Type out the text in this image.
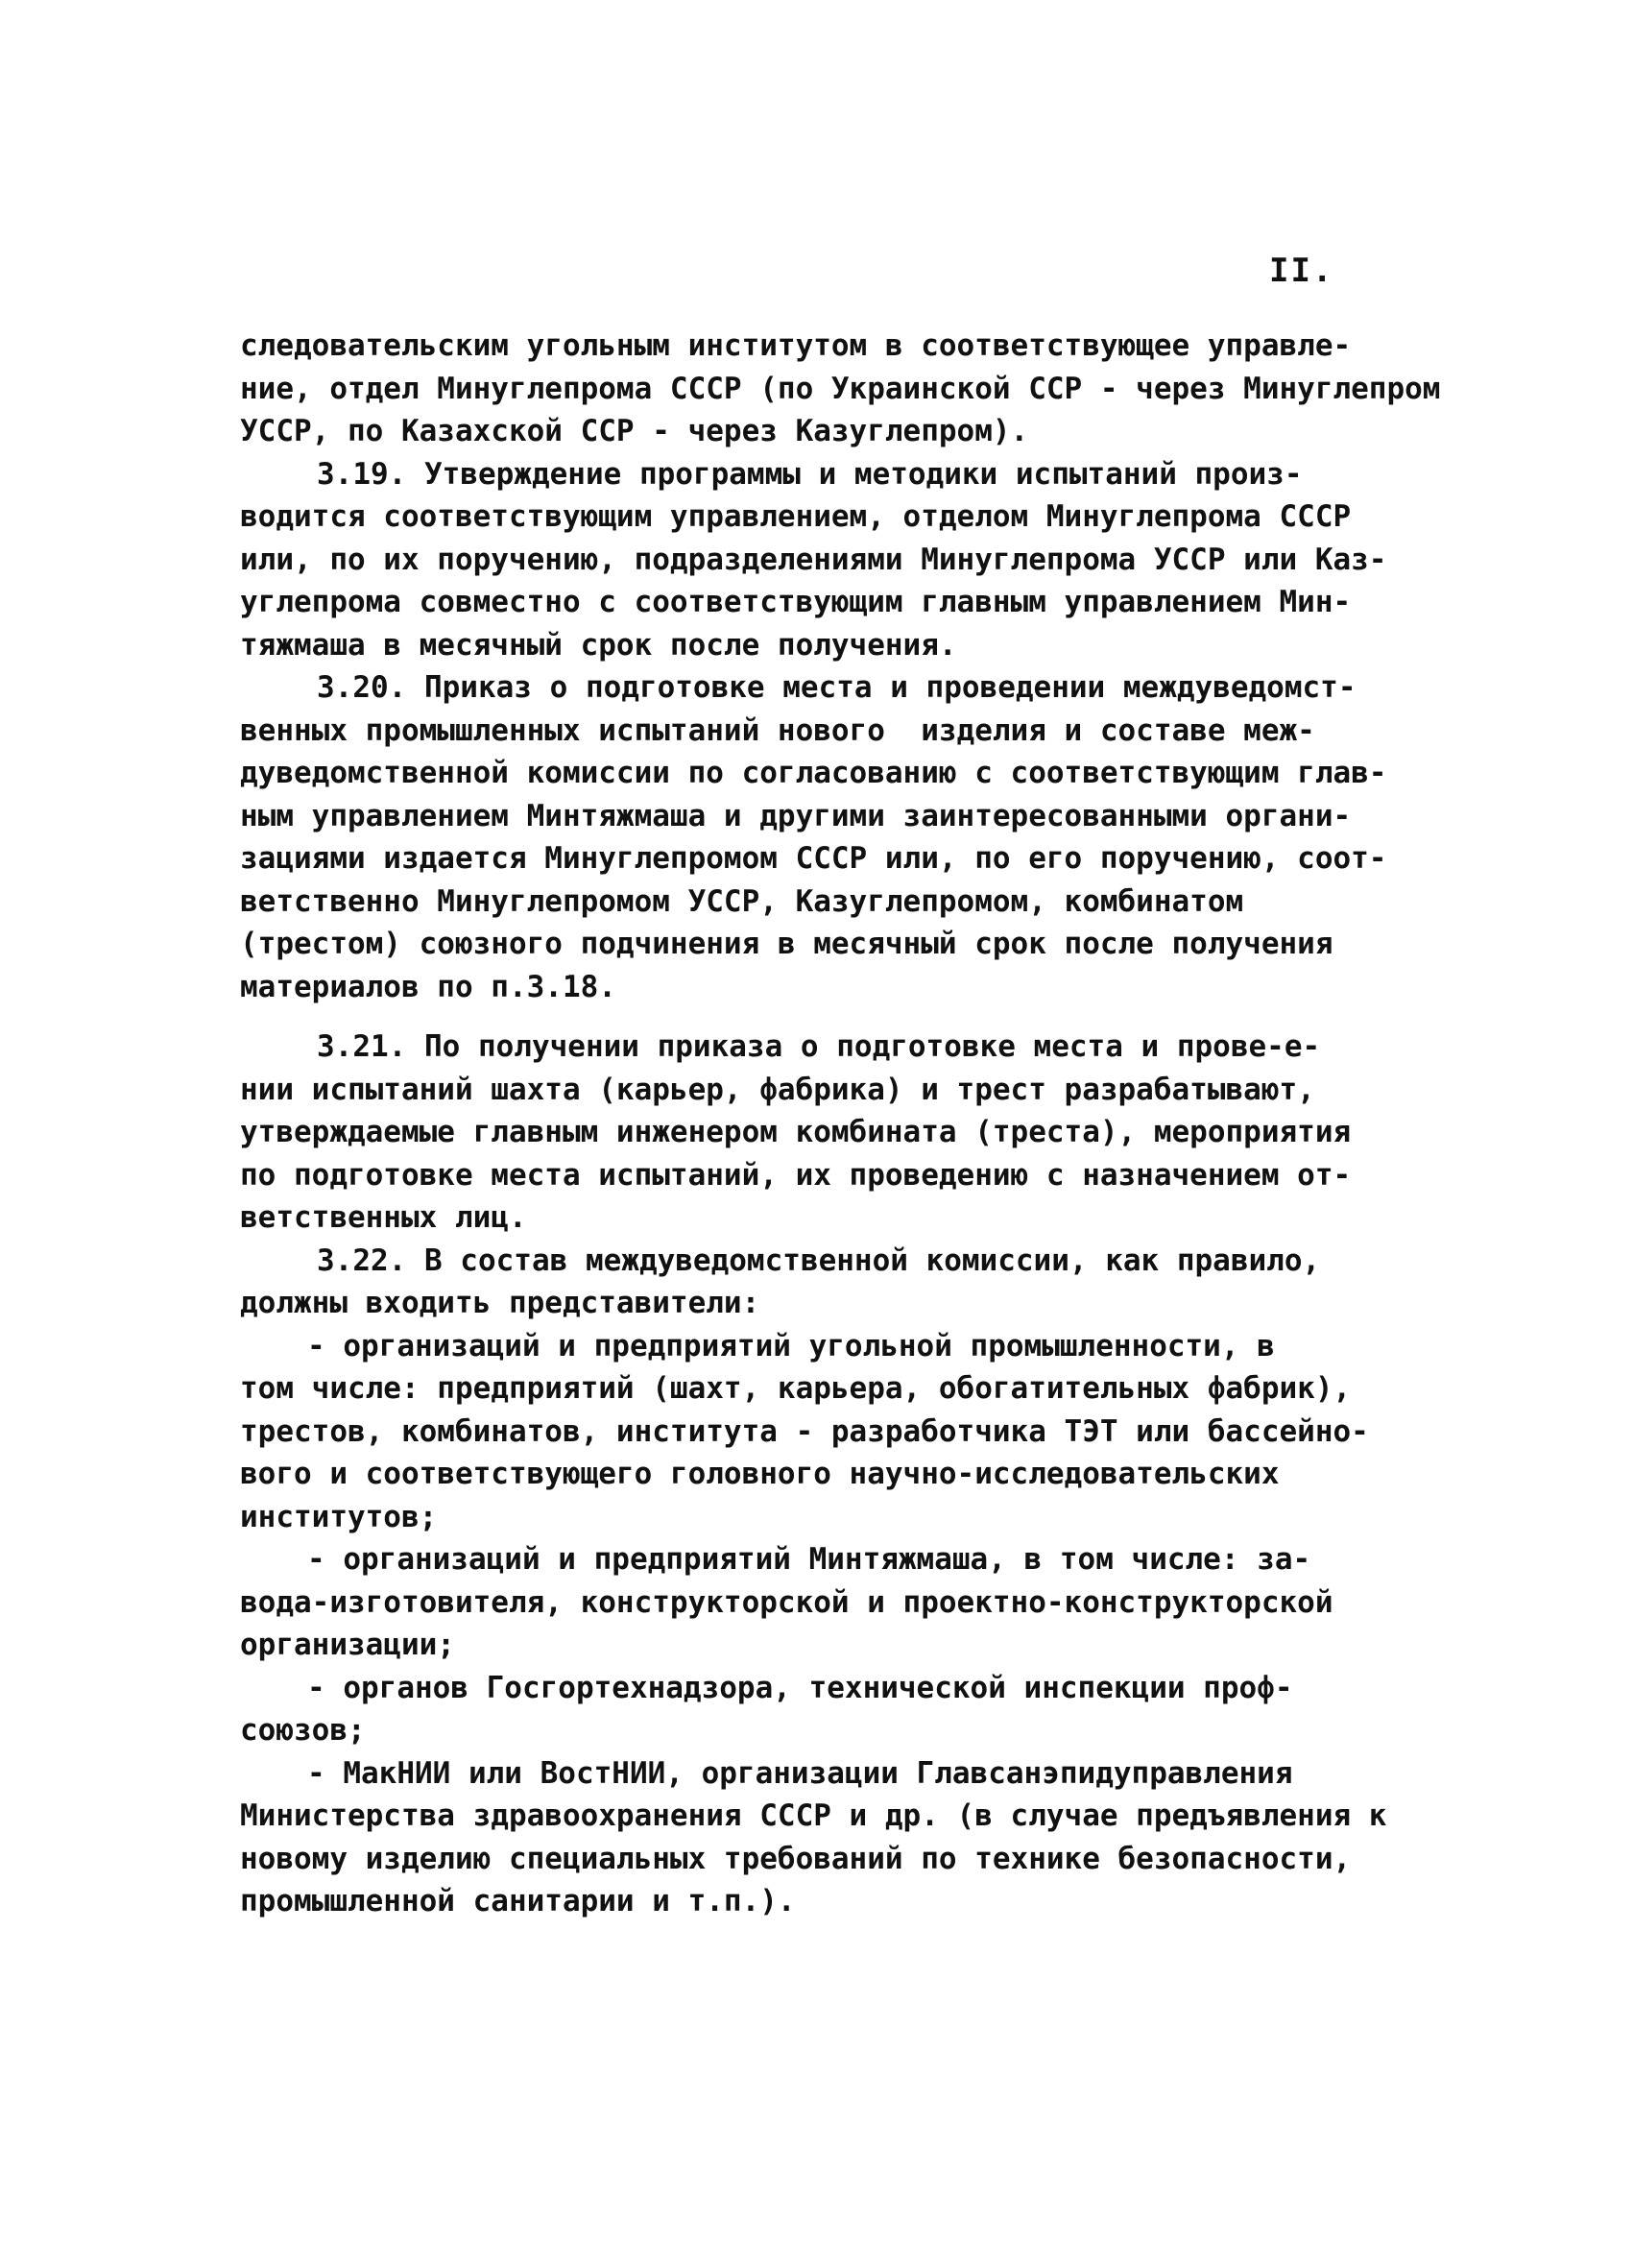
II.
следовательским угольным институтом в соответствующее управле-
ние, отдел Минуглепрома СССР (по Украинской ССР - через Минуглепром
УССР, по Казахской ССР - через Казуглепром).
3.19. Утверждение программы и методики испытаний произ-
водится соответствующим управлением, отделом Минуглепрома СССР
или, по их поручению, подразделениями Минуглепрома УССР или Каз-
углепрома совместно с соответствующим главным управлением Мин-
тяжмаша в месячный срок после получения.
3.20. Приказ о подготовке места и проведении междуведомст-
венных промышленных испытаний нового  изделия и составе меж-
дуведомственной комиссии по согласованию с соответствующим глав-
ным управлением Минтяжмаша и другими заинтересованными органи-
зациями издается Минуглепромом СССР или, по его поручению, соот-
ветственно Минуглепромом УССР, Казуглепромом, комбинатом
(трестом) союзного подчинения в месячный срок после получения
материалов по п.3.18.
3.21. По получении приказа о подготовке места и прове-е-
нии испытаний шахта (карьер, фабрика) и трест разрабатывают,
утверждаемые главным инженером комбината (треста), мероприятия
по подготовке места испытаний, их проведению с назначением от-
ветственных лиц.
3.22. В состав междуведомственной комиссии, как правило,
должны входить представители:
- организаций и предприятий угольной промышленности, в
том числе: предприятий (шахт, карьера, обогатительных фабрик),
трестов, комбинатов, института - разработчика ТЭТ или бассейно-
вого и соответствующего головного научно-исследовательских
институтов;
- организаций и предприятий Минтяжмаша, в том числе: за-
вода-изготовителя, конструкторской и проектно-конструкторской
организации;
- органов Госгортехнадзора, технической инспекции проф-
союзов;
- МакНИИ или ВостНИИ, организации Главсанэпидуправления
Министерства здравоохранения СССР и др. (в случае предъявления к
новому изделию специальных требований по технике безопасности,
промышленной санитарии и т.п.).
